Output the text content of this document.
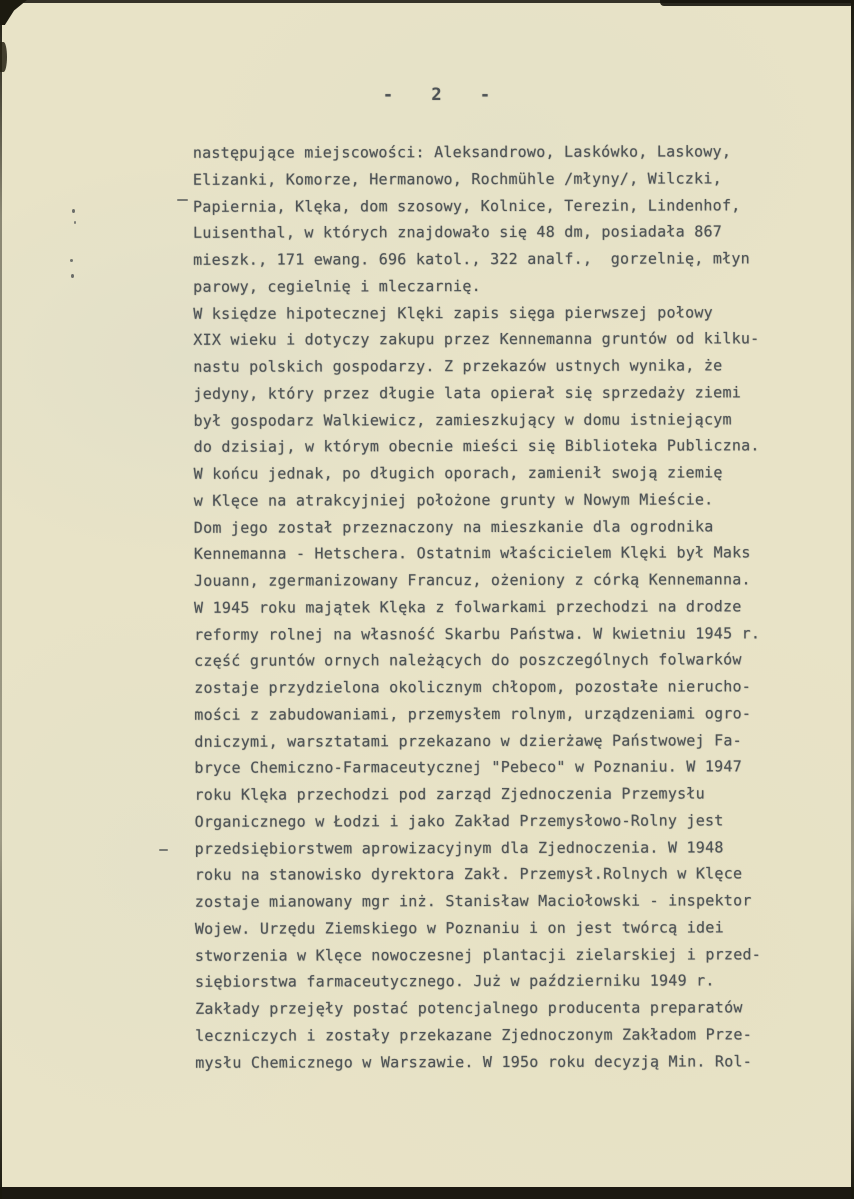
- 2 -
następujące miejscowości: Aleksandrowo, Laskówko, Laskowy,
Elizanki, Komorze, Hermanowo, Rochmühle /młyny/, Wilczki,
Papiernia, Klęka, dom szosowy, Kolnice, Terezin, Lindenhof,
Luisenthal, w których znajdowało się 48 dm, posiadała 867
mieszk., 171 ewang. 696 katol., 322 analf.,  gorzelnię, młyn
parowy, cegielnię i mleczarnię.
W księdze hipotecznej Klęki zapis sięga pierwszej połowy
XIX wieku i dotyczy zakupu przez Kennemanna gruntów od kilku-
nastu polskich gospodarzy. Z przekazów ustnych wynika, że
jedyny, który przez długie lata opierał się sprzedaży ziemi
był gospodarz Walkiewicz, zamieszkujący w domu istniejącym
do dzisiaj, w którym obecnie mieści się Biblioteka Publiczna.
W końcu jednak, po długich oporach, zamienił swoją ziemię
w Klęce na atrakcyjniej położone grunty w Nowym Mieście.
Dom jego został przeznaczony na mieszkanie dla ogrodnika
Kennemanna - Hetschera. Ostatnim właścicielem Klęki był Maks
Jouann, zgermanizowany Francuz, ożeniony z córką Kennemanna.
W 1945 roku majątek Klęka z folwarkami przechodzi na drodze
reformy rolnej na własność Skarbu Państwa. W kwietniu 1945 r.
część gruntów ornych należących do poszczególnych folwarków
zostaje przydzielona okolicznym chłopom, pozostałe nierucho-
mości z zabudowaniami, przemysłem rolnym, urządzeniami ogro-
dniczymi, warsztatami przekazano w dzierżawę Państwowej Fa-
bryce Chemiczno-Farmaceutycznej "Pebeco" w Poznaniu. W 1947
roku Klęka przechodzi pod zarząd Zjednoczenia Przemysłu
Organicznego w Łodzi i jako Zakład Przemysłowo-Rolny jest
przedsiębiorstwem aprowizacyjnym dla Zjednoczenia. W 1948
roku na stanowisko dyrektora Zakł. Przemysł.Rolnych w Klęce
zostaje mianowany mgr inż. Stanisław Maciołowski - inspektor
Wojew. Urzędu Ziemskiego w Poznaniu i on jest twórcą idei
stworzenia w Klęce nowoczesnej plantacji zielarskiej i przed-
siębiorstwa farmaceutycznego. Już w październiku 1949 r.
Zakłady przejęły postać potencjalnego producenta preparatów
leczniczych i zostały przekazane Zjednoczonym Zakładom Prze-
mysłu Chemicznego w Warszawie. W 195o roku decyzją Min. Rol-
